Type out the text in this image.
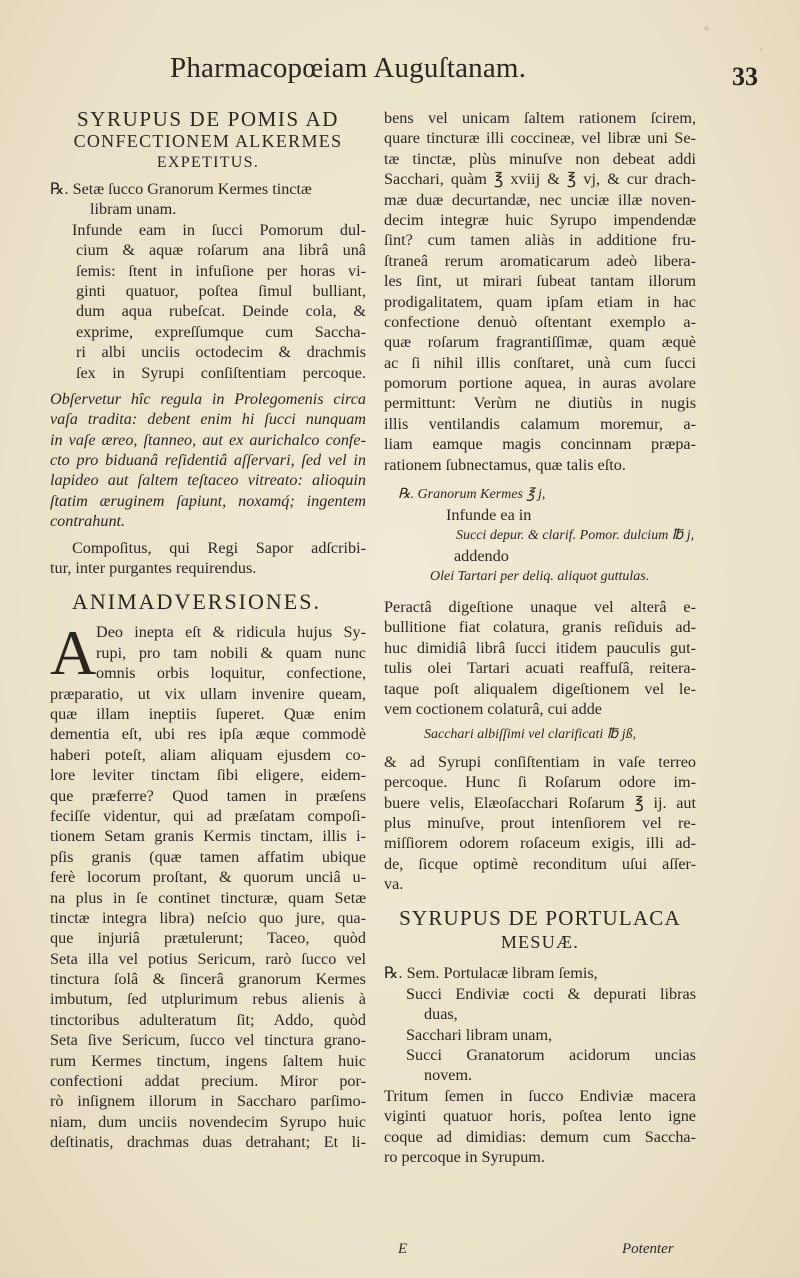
Pharmacopœiam Auguſtanam.	33
SYRUPUS DE POMIS AD
CONFECTIONEM ALKERMES
EXPETITUS.
℞. Setæ ſucco Granorum Kermes tinctæ
libram unam.
Infunde eam in ſucci Pomorum dul-
cium & aquæ roſarum ana librâ unâ
ſemis: ſtent in infuſione per horas vi-
ginti quatuor, poſtea ſimul bulliant,
dum aqua rubeſcat. Deinde cola, &
exprime, expreſſumque cum Saccha-
ri albi unciis octodecim & drachmis
ſex in Syrupi conſiſtentiam percoque.
Obſervetur hîc regula in Prolegomenis circa
vaſa tradita: debent enim hi ſucci nunquam
in vaſe æreo, ſtanneo, aut ex aurichalco confe-
cto pro biduanâ reſidentiâ aſſervari, ſed vel in
lapideo aut ſaltem teſtaceo vitreato: alioquin
ſtatim æruginem ſapiunt, noxamq́; ingentem
contrahunt.
Compoſitus, qui Regi Sapor adſcribi-
tur, inter purgantes requirendus.
ANIMADVERSIONES.
A Deo inepta eſt & ridicula hujus Sy-
rupi, pro tam nobili & quam nunc
omnis orbis loquitur, confectione,
præparatio, ut vix ullam invenire queam,
quæ illam ineptiis ſuperet. Quæ enim
dementia eſt, ubi res ipſa æque commodè
haberi poteſt, aliam aliquam ejusdem co-
lore leviter tinctam ſibi eligere, eidem-
que præferre? Quod tamen in præſens
feciſſe videntur, qui ad præſatam compoſi-
tionem Setam granis Kermis tinctam, illis i-
pſis granis (quæ tamen affatim ubique
ferè locorum proſtant, & quorum unciâ u-
na plus in ſe continet tincturæ, quam Setæ
tinctæ integra libra) neſcio quo jure, qua-
que injuriâ prætulerunt; Taceo, quòd
Seta illa vel potius Sericum, rarò ſucco vel
tinctura ſolâ & ſincerâ granorum Kermes
imbutum, ſed utplurimum rebus alienis à
tinctoribus adulteratum ſit; Addo, quòd
Seta ſive Sericum, ſucco vel tinctura grano-
rum Kermes tinctum, ingens ſaltem huic
confectioni addat precium. Miror por-
rò inſignem illorum in Saccharo parſimo-
niam, dum unciis novendecim Syrupo huic
deſtinatis, drachmas duas detrahant; Et li-
bens vel unicam ſaltem rationem ſcirem,
quare tincturæ illi coccineæ, vel libræ uni Se-
tæ tinctæ, plùs minuſve non debeat addi
Sacchari, quàm ℥ xviij & ℥ vj, & cur drach-
mæ duæ decurtandæ, nec unciæ illæ noven-
decim integræ huic Syrupo impendendæ
ſint? cum tamen aliàs in additione fru-
ſtraneâ rerum aromaticarum adeò libera-
les ſint, ut mirari ſubeat tantam illorum
prodigalitatem, quam ipſam etiam in hac
confectione denuò oſtentant exemplo a-
quæ roſarum fragrantiſſimæ, quam æquè
ac ſi nihil illis conſtaret, unà cum ſucci
pomorum portione aquea, in auras avolare
permittunt: Verùm ne diutiùs in nugis
illis ventilandis calamum moremur, a-
liam eamque magis concinnam præpa-
rationem ſubnectamus, quæ talis eſto.
℞. Granorum Kermes ℥ j,
Infunde ea in
Succi depur. & clarif. Pomor. dulcium ℔ j,
addendo
Olei Tartari per deliq. aliquot guttulas.
Peractâ digeſtione unaque vel alterâ e-
bullitione fiat colatura, granis reſiduis ad-
huc dimidiâ librâ ſucci itidem pauculis gut-
tulis olei Tartari acuati reaffuſâ, reitera-
taque poſt aliqualem digeſtionem vel le-
vem coctionem colaturâ, cui adde
Sacchari albiſſimi vel clarificati ℔ jß,
& ad Syrupi conſiſtentiam in vaſe terreo
percoque. Hunc ſi Roſarum odore im-
buere velis, Elæoſacchari Roſarum ℥ ij. aut
plus minuſve, prout intenſiorem vel re-
miſſiorem odorem roſaceum exigis, illi ad-
de, ſicque optimè reconditum uſui aſſer-
va.
SYRUPUS DE PORTULACA
MESUÆ.
℞. Sem. Portulacæ libram ſemis,
Succi Endiviæ cocti & depurati libras
duas,
Sacchari libram unam,
Succi Granatorum acidorum uncias
novem.
Tritum ſemen in ſucco Endiviæ macera
viginti quatuor horis, poſtea lento igne
coque ad dimidias: demum cum Saccha-
ro percoque in Syrupum.
E	Potenter
